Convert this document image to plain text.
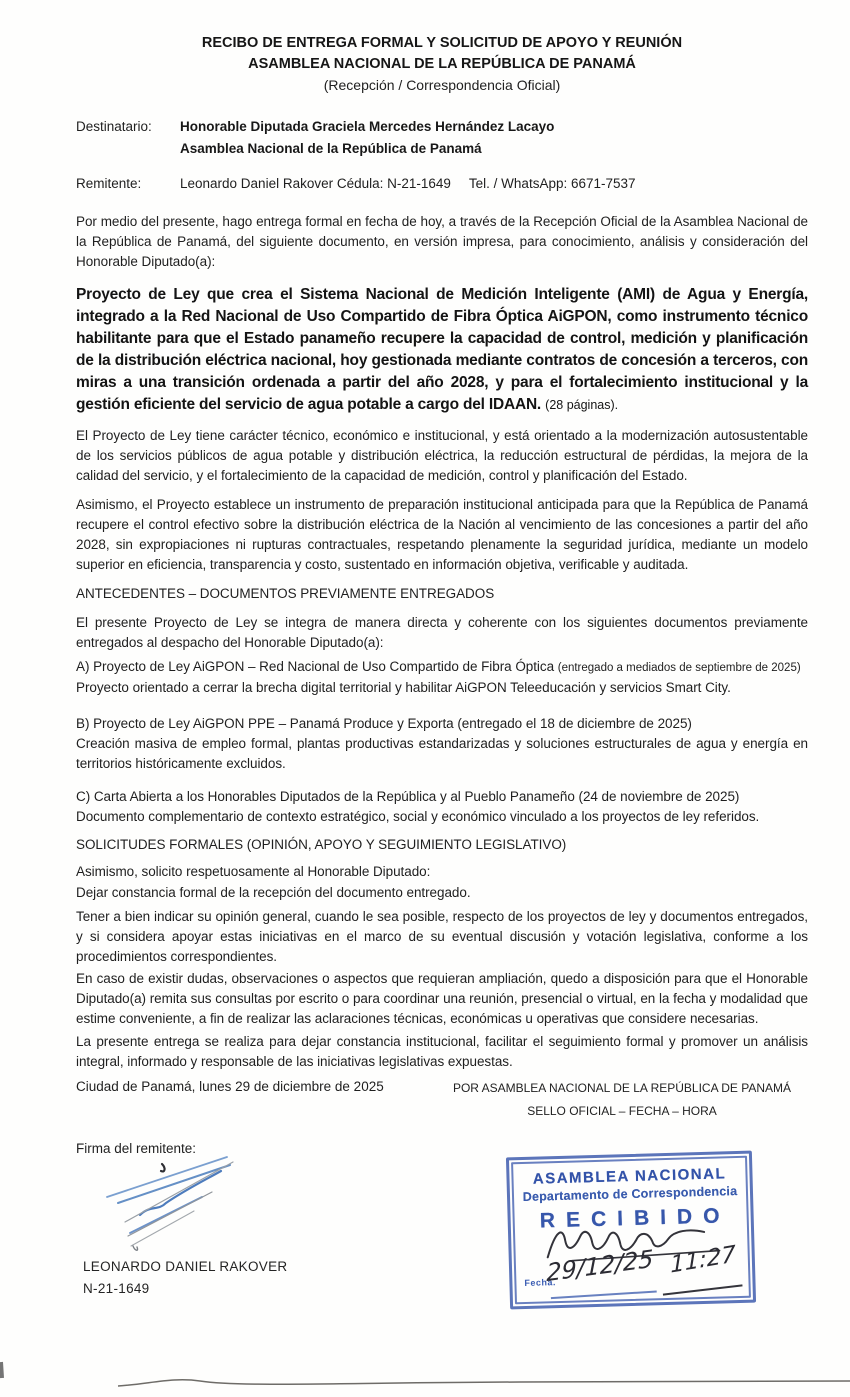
RECIBO DE ENTREGA FORMAL Y SOLICITUD DE APOYO Y REUNIÓN
ASAMBLEA NACIONAL DE LA REPÚBLICA DE PANAMÁ
(Recepción / Correspondencia Oficial)
Destinatario:	Honorable Diputada Graciela Mercedes Hernández Lacayo
Asamblea Nacional de la República de Panamá
Remitente:	Leonardo Daniel Rakover Cédula: N-21-1649 Tel. / WhatsApp: 6671-7537

Por medio del presente, hago entrega formal en fecha de hoy, a través de la Recepción Oficial de la Asamblea Nacional de la República de Panamá, del siguiente documento, en versión impresa, para conocimiento, análisis y consideración del Honorable Diputado(a):

Proyecto de Ley que crea el Sistema Nacional de Medición Inteligente (AMI) de Agua y Energía, integrado a la Red Nacional de Uso Compartido de Fibra Óptica AiGPON, como instrumento técnico habilitante para que el Estado panameño recupere la capacidad de control, medición y planificación de la distribución eléctrica nacional, hoy gestionada mediante contratos de concesión a terceros, con miras a una transición ordenada a partir del año 2028, y para el fortalecimiento institucional y la gestión eficiente del servicio de agua potable a cargo del IDAAN. (28 páginas).

El Proyecto de Ley tiene carácter técnico, económico e institucional, y está orientado a la modernización autosustentable de los servicios públicos de agua potable y distribución eléctrica, la reducción estructural de pérdidas, la mejora de la calidad del servicio, y el fortalecimiento de la capacidad de medición, control y planificación del Estado.

Asimismo, el Proyecto establece un instrumento de preparación institucional anticipada para que la República de Panamá recupere el control efectivo sobre la distribución eléctrica de la Nación al vencimiento de las concesiones a partir del año 2028, sin expropiaciones ni rupturas contractuales, respetando plenamente la seguridad jurídica, mediante un modelo superior en eficiencia, transparencia y costo, sustentado en información objetiva, verificable y auditada.

ANTECEDENTES – DOCUMENTOS PREVIAMENTE ENTREGADOS

El presente Proyecto de Ley se integra de manera directa y coherente con los siguientes documentos previamente entregados al despacho del Honorable Diputado(a):

A) Proyecto de Ley AiGPON – Red Nacional de Uso Compartido de Fibra Óptica (entregado a mediados de septiembre de 2025)

Proyecto orientado a cerrar la brecha digital territorial y habilitar AiGPON Teleeducación y servicios Smart City.

B) Proyecto de Ley AiGPON PPE – Panamá Produce y Exporta (entregado el 18 de diciembre de 2025)

Creación masiva de empleo formal, plantas productivas estandarizadas y soluciones estructurales de agua y energía en territorios históricamente excluidos.

C) Carta Abierta a los Honorables Diputados de la República y al Pueblo Panameño (24 de noviembre de 2025)

Documento complementario de contexto estratégico, social y económico vinculado a los proyectos de ley referidos.

SOLICITUDES FORMALES (OPINIÓN, APOYO Y SEGUIMIENTO LEGISLATIVO)

Asimismo, solicito respetuosamente al Honorable Diputado:

Dejar constancia formal de la recepción del documento entregado.

Tener a bien indicar su opinión general, cuando le sea posible, respecto de los proyectos de ley y documentos entregados, y si considera apoyar estas iniciativas en el marco de su eventual discusión y votación legislativa, conforme a los procedimientos correspondientes.

En caso de existir dudas, observaciones o aspectos que requieran ampliación, quedo a disposición para que el Honorable Diputado(a) remita sus consultas por escrito o para coordinar una reunión, presencial o virtual, en la fecha y modalidad que estime conveniente, a fin de realizar las aclaraciones técnicas, económicas u operativas que considere necesarias.

La presente entrega se realiza para dejar constancia institucional, facilitar el seguimiento formal y promover un análisis integral, informado y responsable de las iniciativas legislativas expuestas.

Ciudad de Panamá, lunes 29 de diciembre de 2025	POR ASAMBLEA NACIONAL DE LA REPÚBLICA DE PANAMÁ
SELLO OFICIAL – FECHA – HORA
Firma del remitente:
LEONARDO DANIEL RAKOVER
N-21-1649
ASAMBLEA NACIONAL
Departamento de Correspondencia
RECIBIDO
Fecha.
29/12/25 11:27
